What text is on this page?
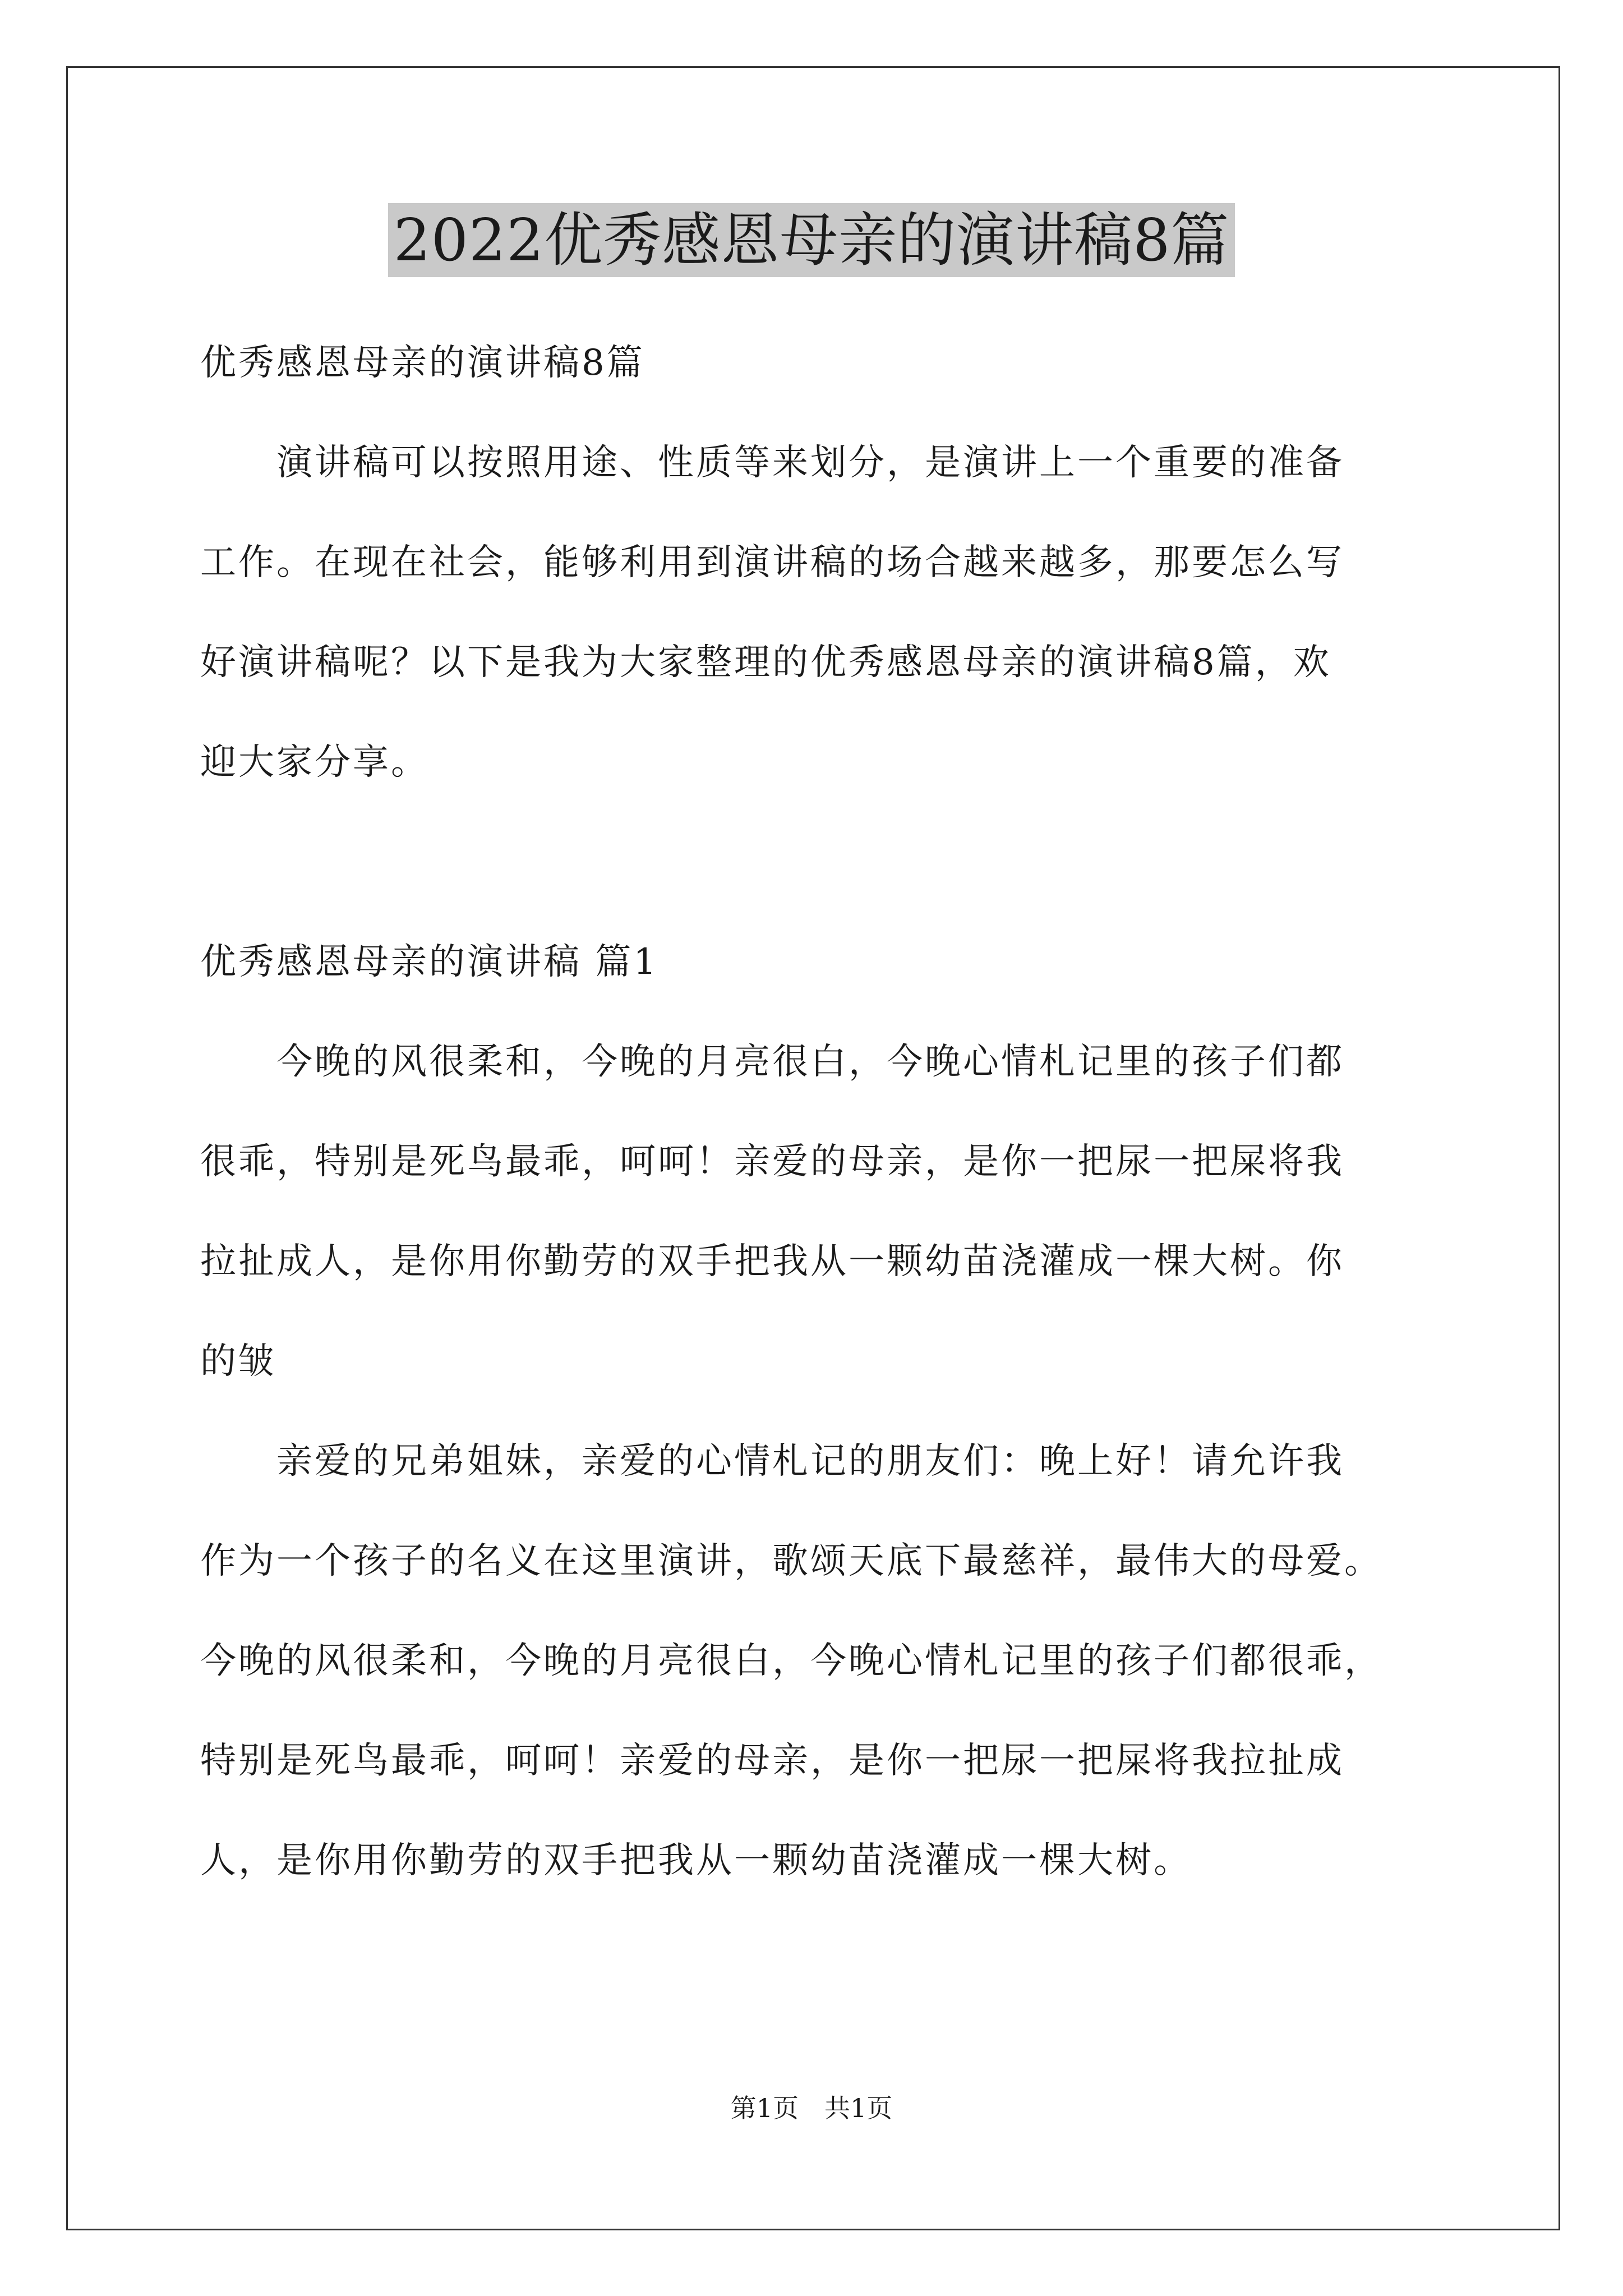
2022优秀感恩母亲的演讲稿8篇

优秀感恩母亲的演讲稿8篇

　　演讲稿可以按照用途、性质等来划分，是演讲上一个重要的准备

工作。在现在社会，能够利用到演讲稿的场合越来越多，那要怎么写

好演讲稿呢？以下是我为大家整理的优秀感恩母亲的演讲稿8篇，欢

迎大家分享。

优秀感恩母亲的演讲稿 篇1

　　今晚的风很柔和，今晚的月亮很白，今晚心情札记里的孩子们都

很乖，特别是死鸟最乖，呵呵！亲爱的母亲，是你一把尿一把屎将我

拉扯成人，是你用你勤劳的双手把我从一颗幼苗浇灌成一棵大树。你

的皱

　　亲爱的兄弟姐妹，亲爱的心情札记的朋友们：晚上好！请允许我

作为一个孩子的名义在这里演讲，歌颂天底下最慈祥，最伟大的母爱。

今晚的风很柔和，今晚的月亮很白，今晚心情札记里的孩子们都很乖，

特别是死鸟最乖，呵呵！亲爱的母亲，是你一把尿一把屎将我拉扯成

人，是你用你勤劳的双手把我从一颗幼苗浇灌成一棵大树。

第1页 共1页
